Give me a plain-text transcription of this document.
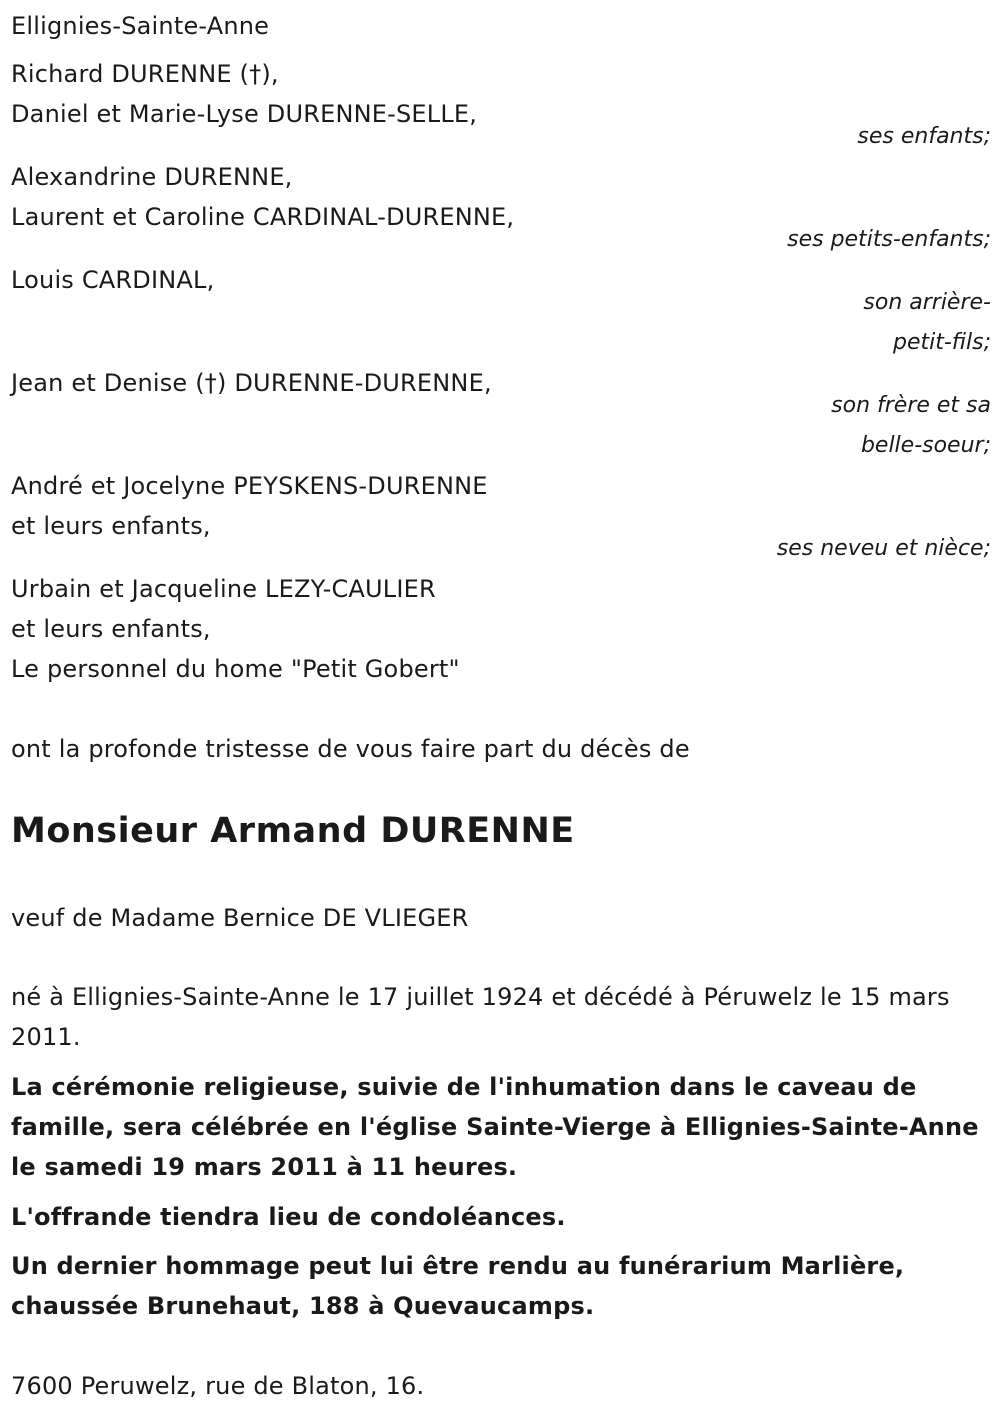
Ellignies-Sainte-Anne
Richard DURENNE (†),
Daniel et Marie-Lyse DURENNE-SELLE,
ses enfants;
Alexandrine DURENNE,
Laurent et Caroline CARDINAL-DURENNE,
ses petits-enfants;
Louis CARDINAL,
son arrière-
petit-fils;
Jean et Denise (†) DURENNE-DURENNE,
son frère et sa
belle-soeur;
André et Jocelyne PEYSKENS-DURENNE
et leurs enfants,
ses neveu et nièce;
Urbain et Jacqueline LEZY-CAULIER
et leurs enfants,
Le personnel du home "Petit Gobert"
ont la profonde tristesse de vous faire part du décès de
Monsieur Armand DURENNE
veuf de Madame Bernice DE VLIEGER
né à Ellignies-Sainte-Anne le 17 juillet 1924 et décédé à Péruwelz le 15 mars 2011.
La cérémonie religieuse, suivie de l'inhumation dans le caveau de famille, sera célébrée en l'église Sainte-Vierge à Ellignies-Sainte-Anne le samedi 19 mars 2011 à 11 heures.
L'offrande tiendra lieu de condoléances.
Un dernier hommage peut lui être rendu au funérarium Marlière, chaussée Brunehaut, 188 à Quevaucamps.
7600 Peruwelz, rue de Blaton, 16.
